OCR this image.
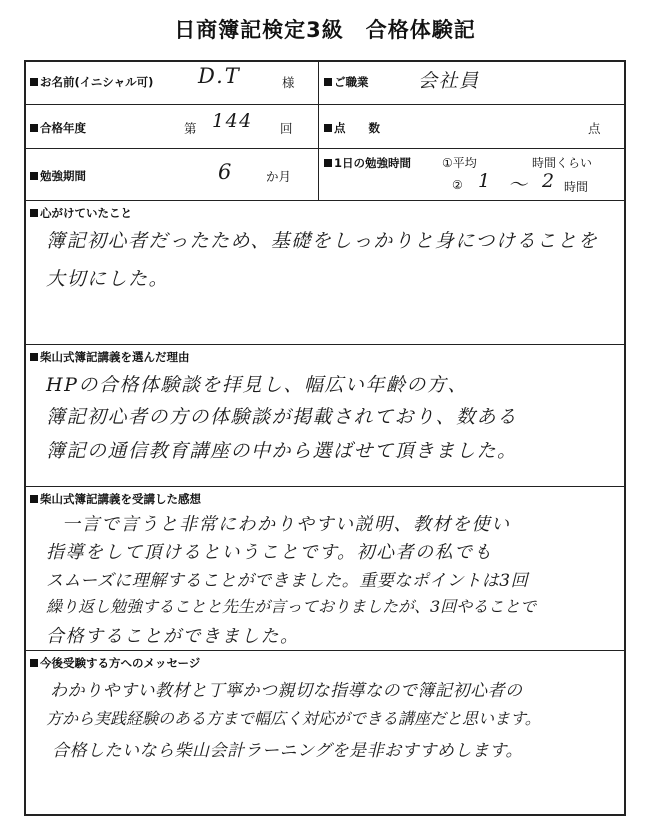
日商簿記検定3級　合格体験記
お名前(イニシャル可) D.T	様	ご職業	会社員
合格年度	第 144 回	点　　数	点
勉強期間	6	か月
1日の勉強時間	①平均	時間くらい
② 1 ～ 2 時間
心がけていたこと
簿記初心者だったため、基礎をしっかりと身につけることを
大切にした。
柴山式簿記講義を選んだ理由
HPの合格体験談を拝見し、幅広い年齢の方、
簿記初心者の方の体験談が掲載されており、数ある
簿記の通信教育講座の中から選ばせて頂きました。
柴山式簿記講義を受講した感想
一言で言うと非常にわかりやすい説明、教材を使い
指導をして頂けるということです。初心者の私でも
スムーズに理解することができました。重要なポイントは3回
繰り返し勉強することと先生が言っておりましたが、3回やることで
合格することができました。
今後受験する方へのメッセージ
わかりやすい教材と丁寧かつ親切な指導なので簿記初心者の
方から実践経験のある方まで幅広く対応ができる講座だと思います。
合格したいなら柴山会計ラーニングを是非おすすめします。
